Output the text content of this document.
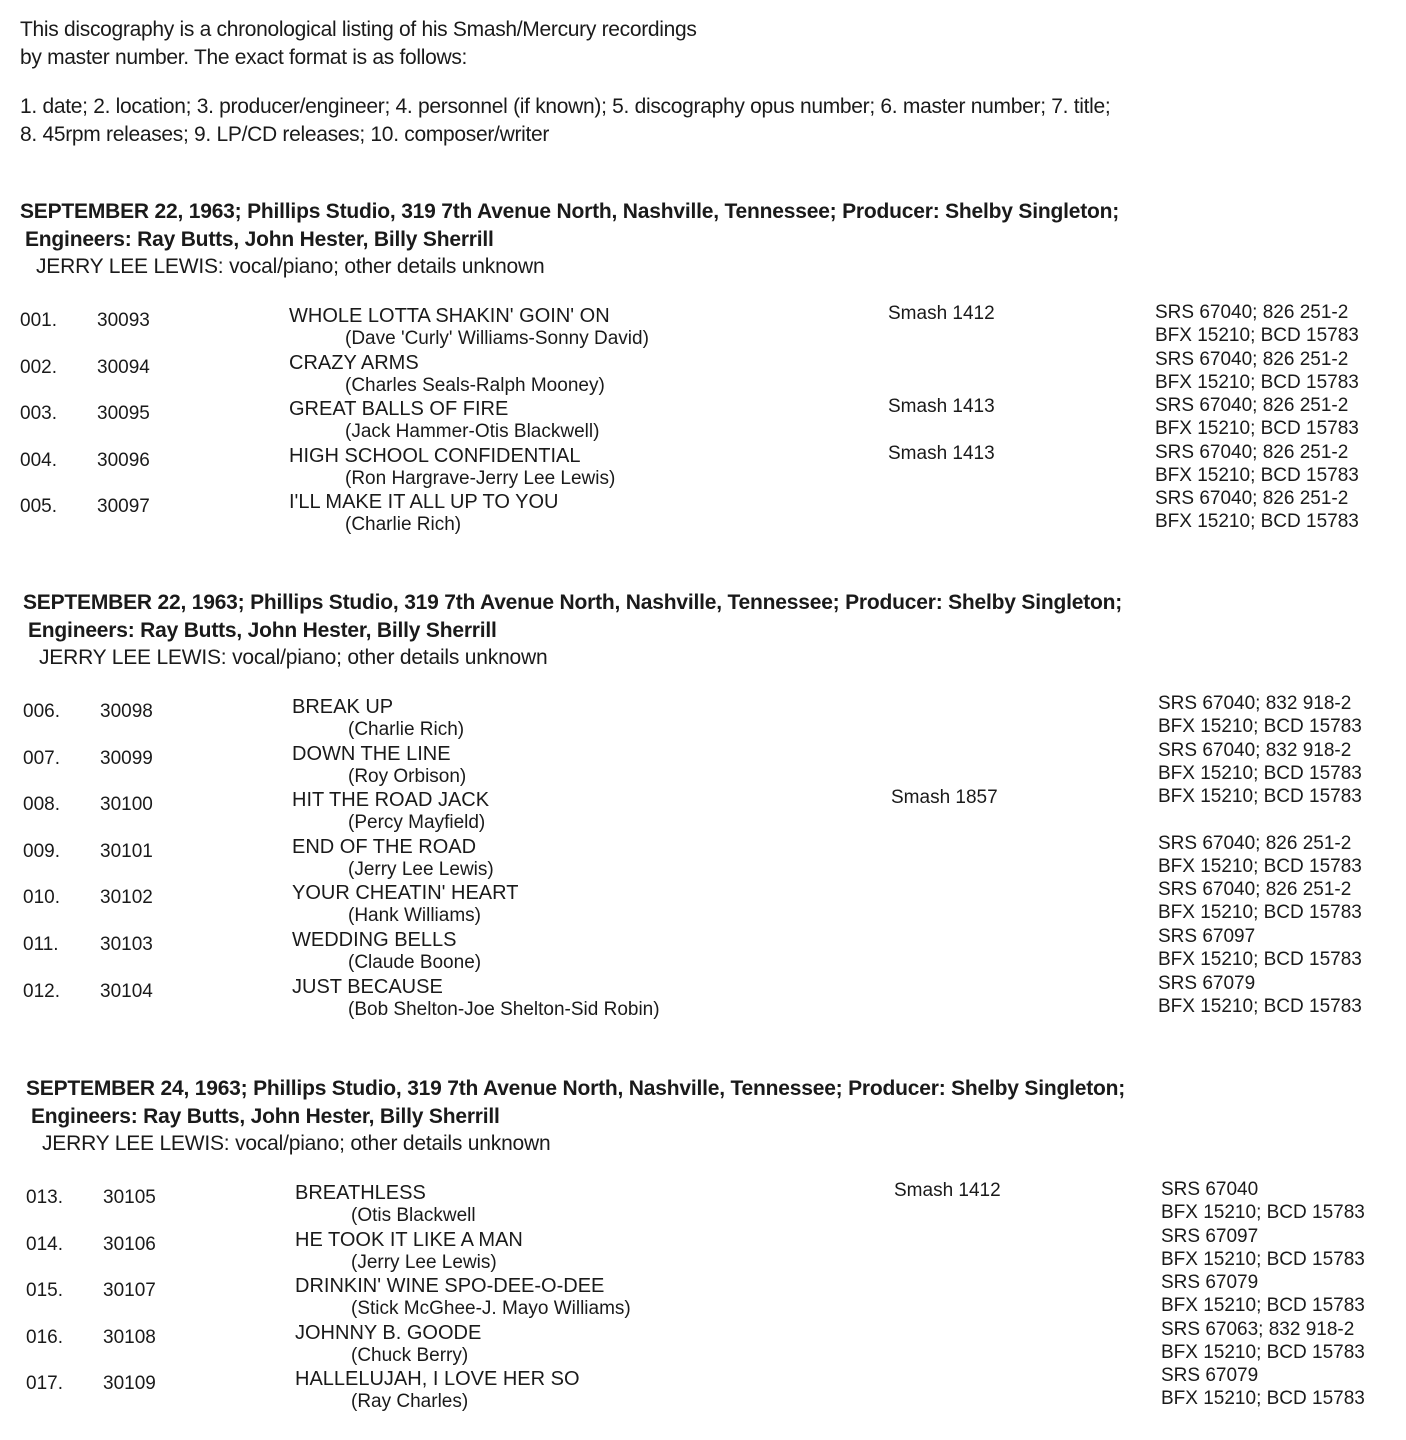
This discography is a chronological listing of his Smash/Mercury recordings

by master number. The exact format is as follows:

1. date; 2. location; 3. producer/engineer; 4. personnel (if known); 5. discography opus number; 6. master number; 7. title;

8. 45rpm releases; 9. LP/CD releases; 10. composer/writer

SEPTEMBER 22, 1963; Phillips Studio, 319 7th Avenue North, Nashville, Tennessee; Producer: Shelby Singleton;
Engineers: Ray Butts, John Hester, Billy Sherrill
JERRY LEE LEWIS: vocal/piano; other details unknown
001. 30093	WHOLE LOTTA SHAKIN' GOIN' ON
(Dave 'Curly' Williams-Sonny David)
Smash 1412	SRS 67040; 826 251-2
BFX 15210; BCD 15783
002. 30094	CRAZY ARMS
(Charles Seals-Ralph Mooney)
SRS 67040; 826 251-2
BFX 15210; BCD 15783
003. 30095	GREAT BALLS OF FIRE
(Jack Hammer-Otis Blackwell)
Smash 1413	SRS 67040; 826 251-2
BFX 15210; BCD 15783
004. 30096	HIGH SCHOOL CONFIDENTIAL
(Ron Hargrave-Jerry Lee Lewis)
Smash 1413	SRS 67040; 826 251-2
BFX 15210; BCD 15783
005. 30097	I'LL MAKE IT ALL UP TO YOU
(Charlie Rich)
SRS 67040; 826 251-2
BFX 15210; BCD 15783
SEPTEMBER 22, 1963; Phillips Studio, 319 7th Avenue North, Nashville, Tennessee; Producer: Shelby Singleton;
Engineers: Ray Butts, John Hester, Billy Sherrill
JERRY LEE LEWIS: vocal/piano; other details unknown
006. 30098	BREAK UP
(Charlie Rich)
SRS 67040; 832 918-2
BFX 15210; BCD 15783
007. 30099	DOWN THE LINE
(Roy Orbison)
SRS 67040; 832 918-2
BFX 15210; BCD 15783
008. 30100	HIT THE ROAD JACK
(Percy Mayfield)
Smash 1857	BFX 15210; BCD 15783
009. 30101	END OF THE ROAD
(Jerry Lee Lewis)
SRS 67040; 826 251-2
BFX 15210; BCD 15783
010. 30102	YOUR CHEATIN' HEART
(Hank Williams)
SRS 67040; 826 251-2
BFX 15210; BCD 15783
011. 30103	WEDDING BELLS
(Claude Boone)
SRS 67097
BFX 15210; BCD 15783
012. 30104	JUST BECAUSE
(Bob Shelton-Joe Shelton-Sid Robin)
SRS 67079
BFX 15210; BCD 15783
SEPTEMBER 24, 1963; Phillips Studio, 319 7th Avenue North, Nashville, Tennessee; Producer: Shelby Singleton;
Engineers: Ray Butts, John Hester, Billy Sherrill
JERRY LEE LEWIS: vocal/piano; other details unknown
013. 30105	BREATHLESS
(Otis Blackwell
Smash 1412	SRS 67040
BFX 15210; BCD 15783
014. 30106	HE TOOK IT LIKE A MAN
(Jerry Lee Lewis)
SRS 67097
BFX 15210; BCD 15783
015. 30107	DRINKIN' WINE SPO-DEE-O-DEE
(Stick McGhee-J. Mayo Williams)
SRS 67079
BFX 15210; BCD 15783
016. 30108	JOHNNY B. GOODE
(Chuck Berry)
SRS 67063; 832 918-2
BFX 15210; BCD 15783
017. 30109	HALLELUJAH, I LOVE HER SO
(Ray Charles)
SRS 67079
BFX 15210; BCD 15783
